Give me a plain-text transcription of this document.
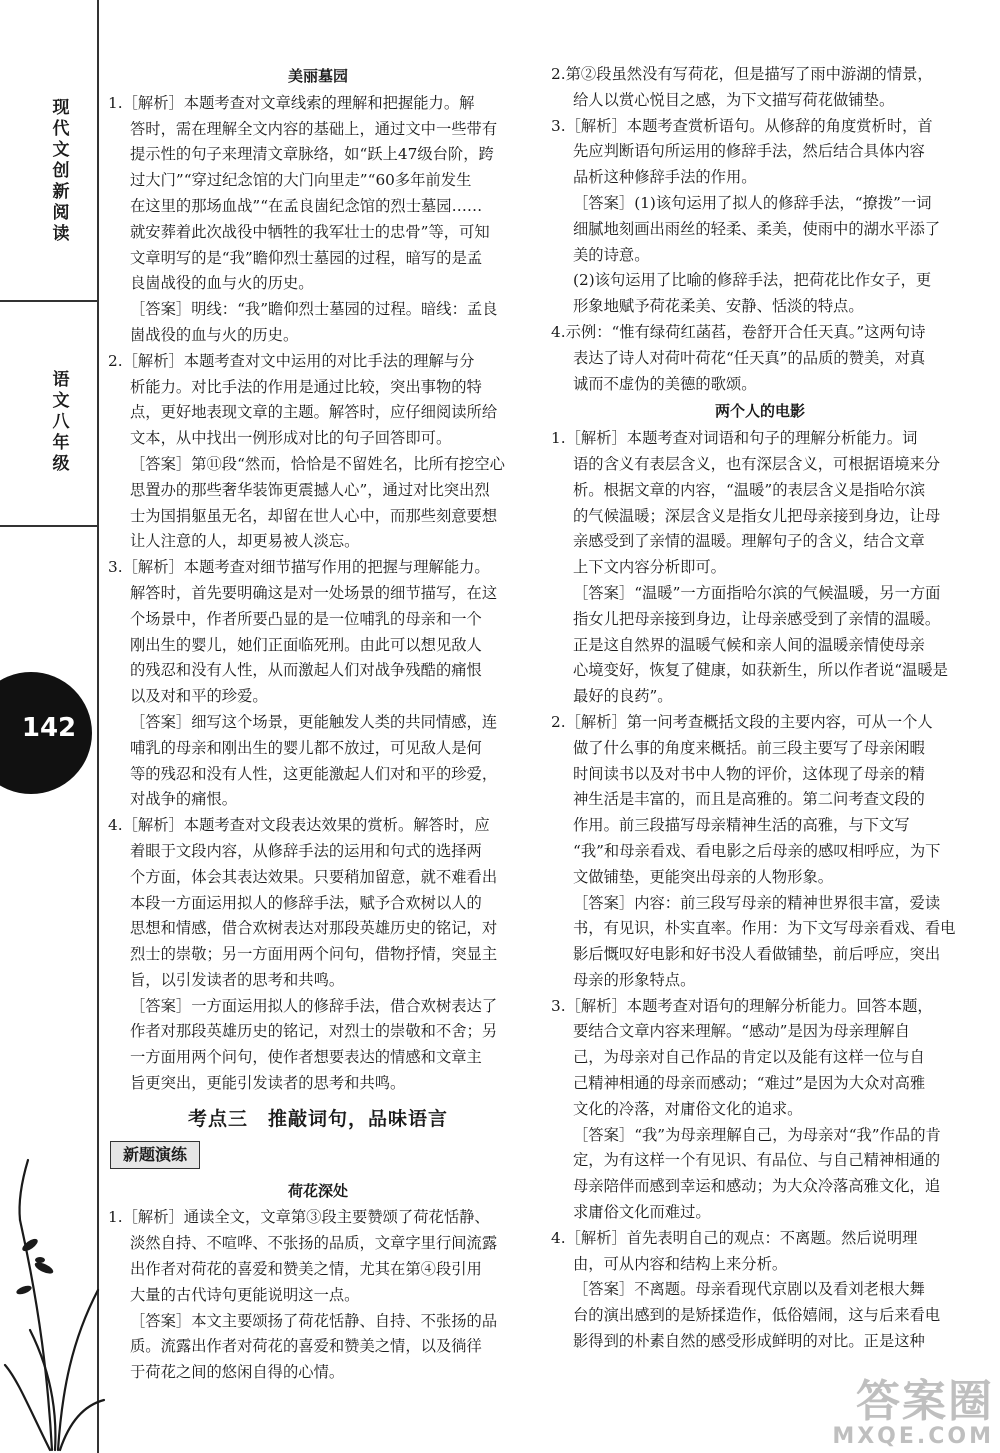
现代文创新阅读
语文 八年级
142
美丽墓园
1.［解析］本题考查对文章线索的理解和把握能力。解
答时，需在理解全文内容的基础上，通过文中一些带有
提示性的句子来理清文章脉络，如“跃上47级台阶，跨
过大门”“穿过纪念馆的大门向里走”“60多年前发生
在这里的那场血战”“在孟良崮纪念馆的烈士墓园……
就安葬着此次战役中牺牲的我军壮士的忠骨”等，可知
文章明写的是“我”瞻仰烈士墓园的过程，暗写的是孟
良崮战役的血与火的历史。
［答案］明线：“我”瞻仰烈士墓园的过程。暗线：孟良
崮战役的血与火的历史。
2.［解析］本题考查对文中运用的对比手法的理解与分
析能力。对比手法的作用是通过比较，突出事物的特
点，更好地表现文章的主题。解答时，应仔细阅读所给
文本，从中找出一例形成对比的句子回答即可。
［答案］第⑪段“然而，恰恰是不留姓名，比所有挖空心
思置办的那些奢华装饰更震撼人心”，通过对比突出烈
士为国捐躯虽无名，却留在世人心中，而那些刻意要想
让人注意的人，却更易被人淡忘。
3.［解析］本题考查对细节描写作用的把握与理解能力。
解答时，首先要明确这是对一处场景的细节描写，在这
个场景中，作者所要凸显的是一位哺乳的母亲和一个
刚出生的婴儿，她们正面临死刑。由此可以想见敌人
的残忍和没有人性，从而激起人们对战争残酷的痛恨
以及对和平的珍爱。
［答案］细写这个场景，更能触发人类的共同情感，连
哺乳的母亲和刚出生的婴儿都不放过，可见敌人是何
等的残忍和没有人性，这更能激起人们对和平的珍爱，
对战争的痛恨。
4.［解析］本题考查对文段表达效果的赏析。解答时，应
着眼于文段内容，从修辞手法的运用和句式的选择两
个方面，体会其表达效果。只要稍加留意，就不难看出
本段一方面运用拟人的修辞手法，赋予合欢树以人的
思想和情感，借合欢树表达对那段英雄历史的铭记，对
烈士的崇敬；另一方面用两个问句，借物抒情，突显主
旨，以引发读者的思考和共鸣。
［答案］一方面运用拟人的修辞手法，借合欢树表达了
作者对那段英雄历史的铭记，对烈士的崇敬和不舍；另
一方面用两个问句，使作者想要表达的情感和文章主
旨更突出，更能引发读者的思考和共鸣。
考点三　推敲词句，品味语言
新题演练
荷花深处
1.［解析］通读全文，文章第③段主要赞颂了荷花恬静、
淡然自持、不喧哗、不张扬的品质，文章字里行间流露
出作者对荷花的喜爱和赞美之情，尤其在第④段引用
大量的古代诗句更能说明这一点。
［答案］本文主要颂扬了荷花恬静、自持、不张扬的品
质。流露出作者对荷花的喜爱和赞美之情，以及徜徉
于荷花之间的悠闲自得的心情。
2.第②段虽然没有写荷花，但是描写了雨中游湖的情景，
给人以赏心悦目之感，为下文描写荷花做铺垫。
3.［解析］本题考查赏析语句。从修辞的角度赏析时，首
先应判断语句所运用的修辞手法，然后结合具体内容
品析这种修辞手法的作用。
［答案］(1)该句运用了拟人的修辞手法，“撩拨”一词
细腻地刻画出雨丝的轻柔、柔美，使雨中的湖水平添了
美的诗意。
(2)该句运用了比喻的修辞手法，把荷花比作女子，更
形象地赋予荷花柔美、安静、恬淡的特点。
4.示例：“惟有绿荷红菡萏，卷舒开合任天真。”这两句诗
表达了诗人对荷叶荷花“任天真”的品质的赞美，对真
诚而不虚伪的美德的歌颂。
两个人的电影
1.［解析］本题考查对词语和句子的理解分析能力。词
语的含义有表层含义，也有深层含义，可根据语境来分
析。根据文章的内容，“温暖”的表层含义是指哈尔滨
的气候温暖；深层含义是指女儿把母亲接到身边，让母
亲感受到了亲情的温暖。理解句子的含义，结合文章
上下文内容分析即可。
［答案］“温暖”一方面指哈尔滨的气候温暖，另一方面
指女儿把母亲接到身边，让母亲感受到了亲情的温暖。
正是这自然界的温暖气候和亲人间的温暖亲情使母亲
心境变好，恢复了健康，如获新生，所以作者说“温暖是
最好的良药”。
2.［解析］第一问考查概括文段的主要内容，可从一个人
做了什么事的角度来概括。前三段主要写了母亲闲暇
时间读书以及对书中人物的评价，这体现了母亲的精
神生活是丰富的，而且是高雅的。第二问考查文段的
作用。前三段描写母亲精神生活的高雅，与下文写
“我”和母亲看戏、看电影之后母亲的感叹相呼应，为下
文做铺垫，更能突出母亲的人物形象。
［答案］内容：前三段写母亲的精神世界很丰富，爱读
书，有见识，朴实直率。作用：为下文写母亲看戏、看电
影后慨叹好电影和好书没人看做铺垫，前后呼应，突出
母亲的形象特点。
3.［解析］本题考查对语句的理解分析能力。回答本题，
要结合文章内容来理解。“感动”是因为母亲理解自
己，为母亲对自己作品的肯定以及能有这样一位与自
己精神相通的母亲而感动；“难过”是因为大众对高雅
文化的冷落，对庸俗文化的追求。
［答案］“我”为母亲理解自己，为母亲对“我”作品的肯
定，为有这样一个有见识、有品位、与自己精神相通的
母亲陪伴而感到幸运和感动；为大众冷落高雅文化，追
求庸俗文化而难过。
4.［解析］首先表明自己的观点：不离题。然后说明理
由，可从内容和结构上来分析。
［答案］不离题。母亲看现代京剧以及看刘老根大舞
台的演出感到的是矫揉造作，低俗嬉闹，这与后来看电
影得到的朴素自然的感受形成鲜明的对比。正是这种
答案圈
MXQE.COM
